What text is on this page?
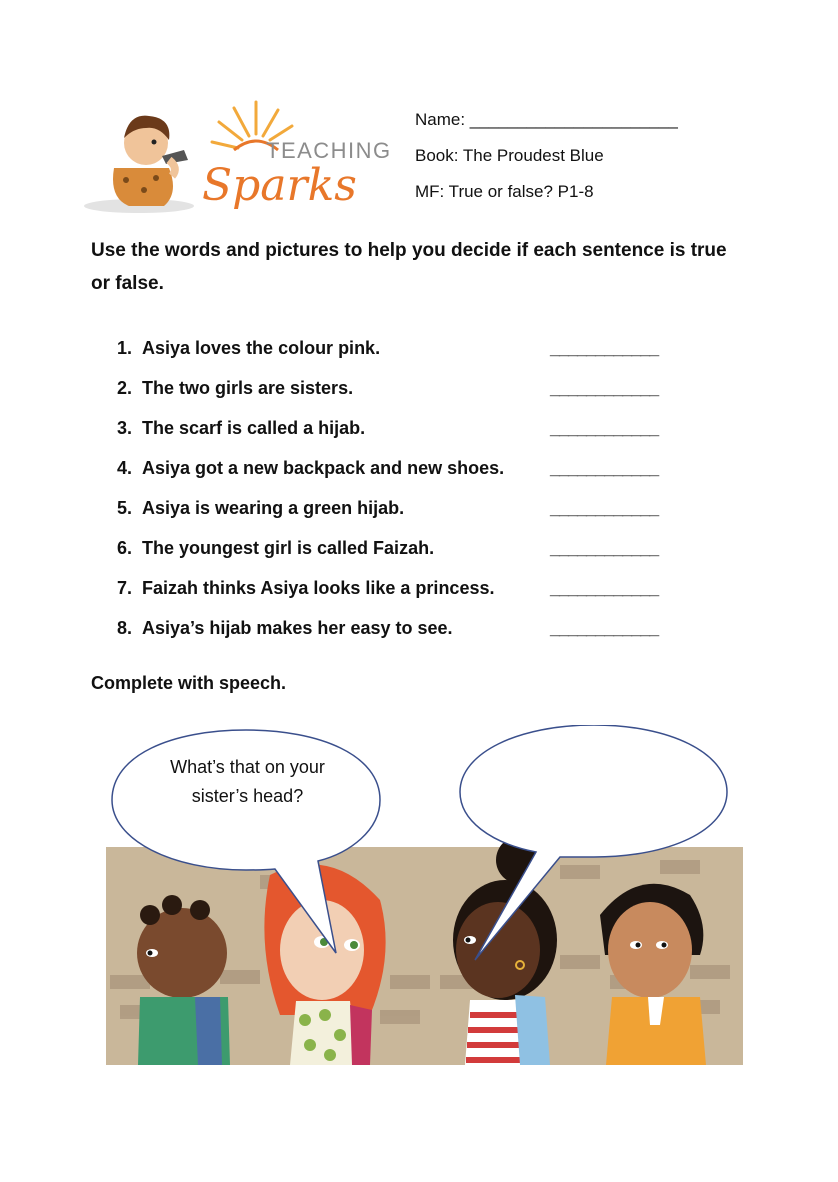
TEACHING
Sparks
Name: ______________________
Book: The Proudest Blue
MF: True or false? P1-8
Use the words and pictures to help you decide if each sentence is true or false.
1. Asiya loves the colour pink.	____________
2. The two girls are sisters.	____________
3. The scarf is called a hijab.	____________
4. Asiya got a new backpack and new shoes.	____________
5. Asiya is wearing a green hijab.	____________
6. The youngest girl is called Faizah.	____________
7. Faizah thinks Asiya looks like a princess.	____________
8. Asiya’s hijab makes her easy to see.	____________
Complete with speech.
What’s that on your sister’s head?
